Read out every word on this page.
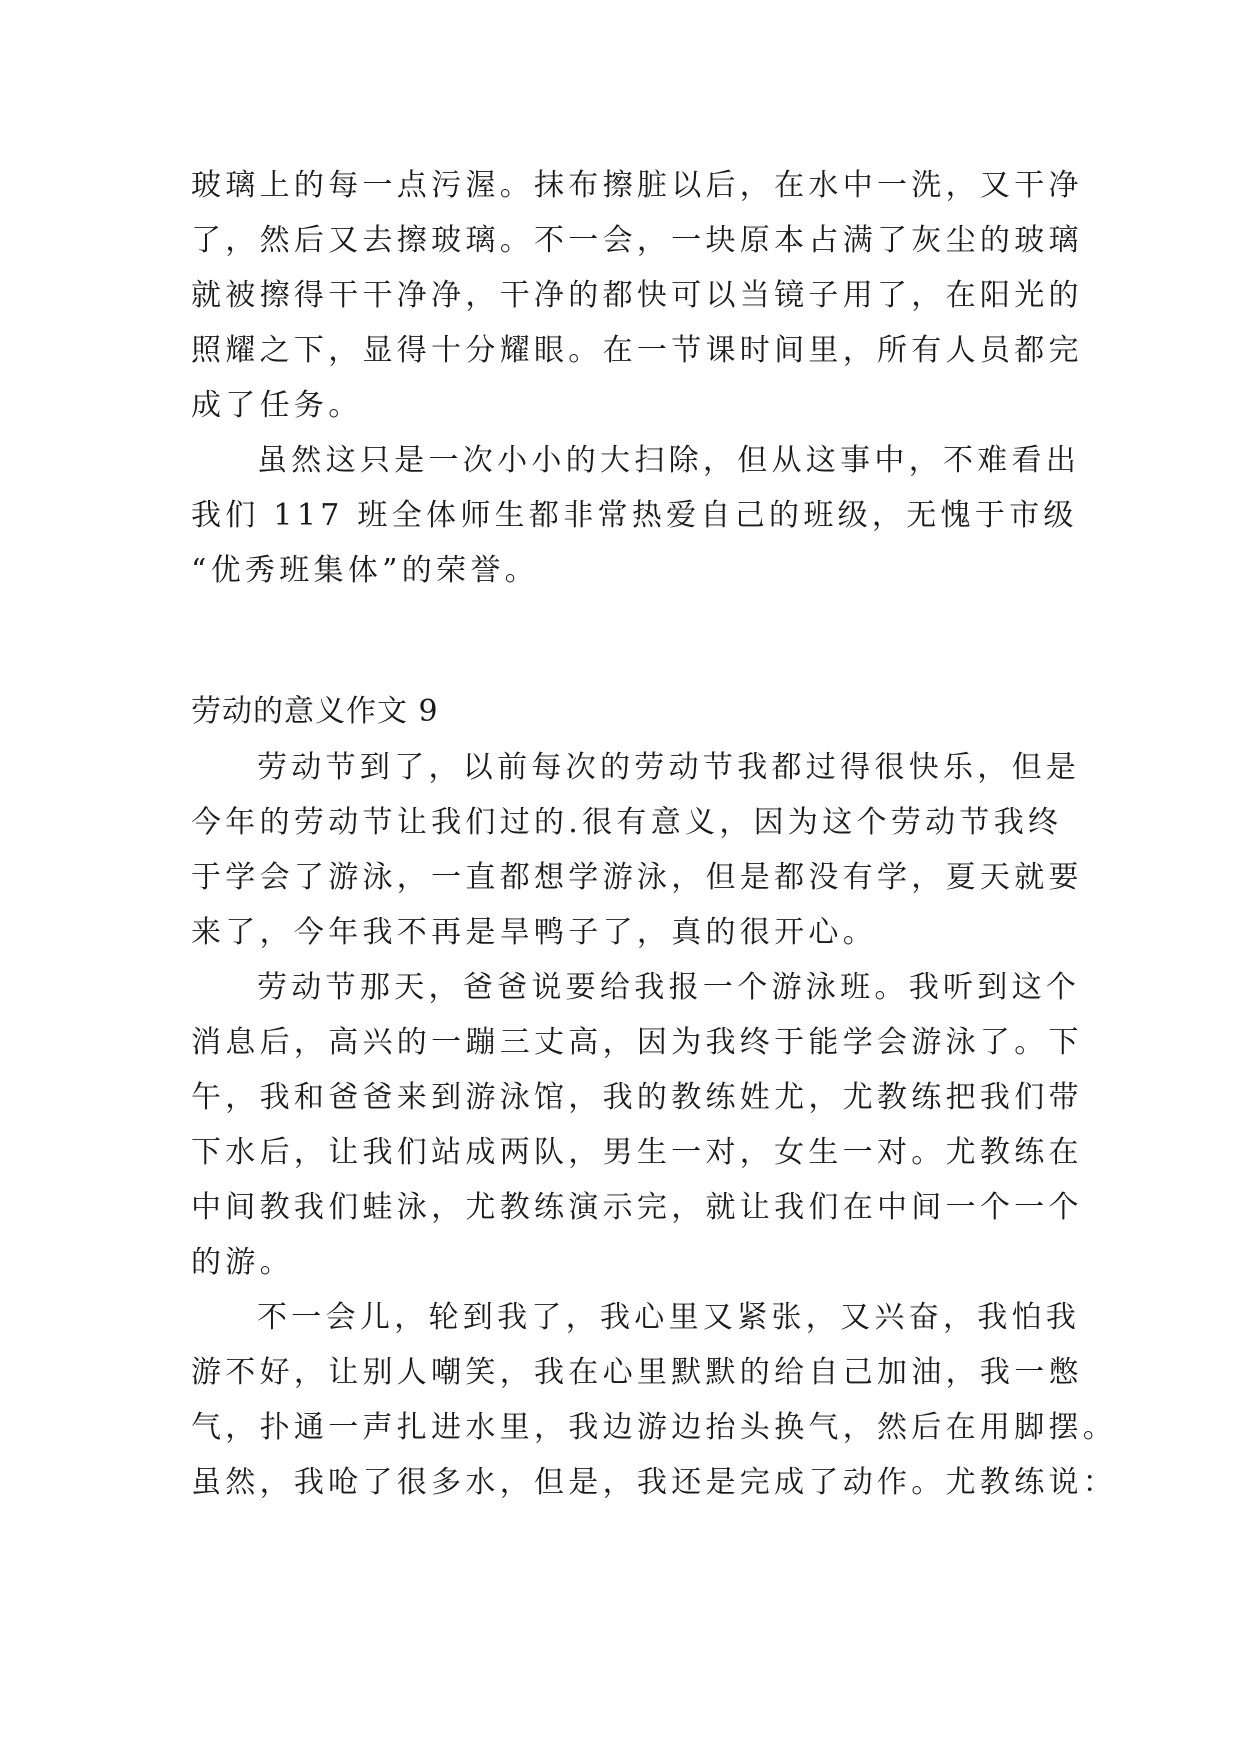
玻璃上的每一点污渥。抹布擦脏以后，在水中一洗，又干净
了，然后又去擦玻璃。不一会，一块原本占满了灰尘的玻璃
就被擦得干干净净，干净的都快可以当镜子用了，在阳光的
照耀之下，显得十分耀眼。在一节课时间里，所有人员都完
成了任务。
虽然这只是一次小小的大扫除，但从这事中，不难看出
我们 117 班全体师生都非常热爱自己的班级，无愧于市级
“优秀班集体”的荣誉。
劳动的意义作文 9
劳动节到了，以前每次的劳动节我都过得很快乐，但是
今年的劳动节让我们过的.很有意义，因为这个劳动节我终
于学会了游泳，一直都想学游泳，但是都没有学，夏天就要
来了，今年我不再是旱鸭子了，真的很开心。
劳动节那天，爸爸说要给我报一个游泳班。我听到这个
消息后，高兴的一蹦三丈高，因为我终于能学会游泳了。下
午，我和爸爸来到游泳馆，我的教练姓尤，尤教练把我们带
下水后，让我们站成两队，男生一对，女生一对。尤教练在
中间教我们蛙泳，尤教练演示完，就让我们在中间一个一个
的游。
不一会儿，轮到我了，我心里又紧张，又兴奋，我怕我
游不好，让别人嘲笑，我在心里默默的给自己加油，我一憋
气，扑通一声扎进水里，我边游边抬头换气，然后在用脚摆。
虽然，我呛了很多水，但是，我还是完成了动作。尤教练说：
